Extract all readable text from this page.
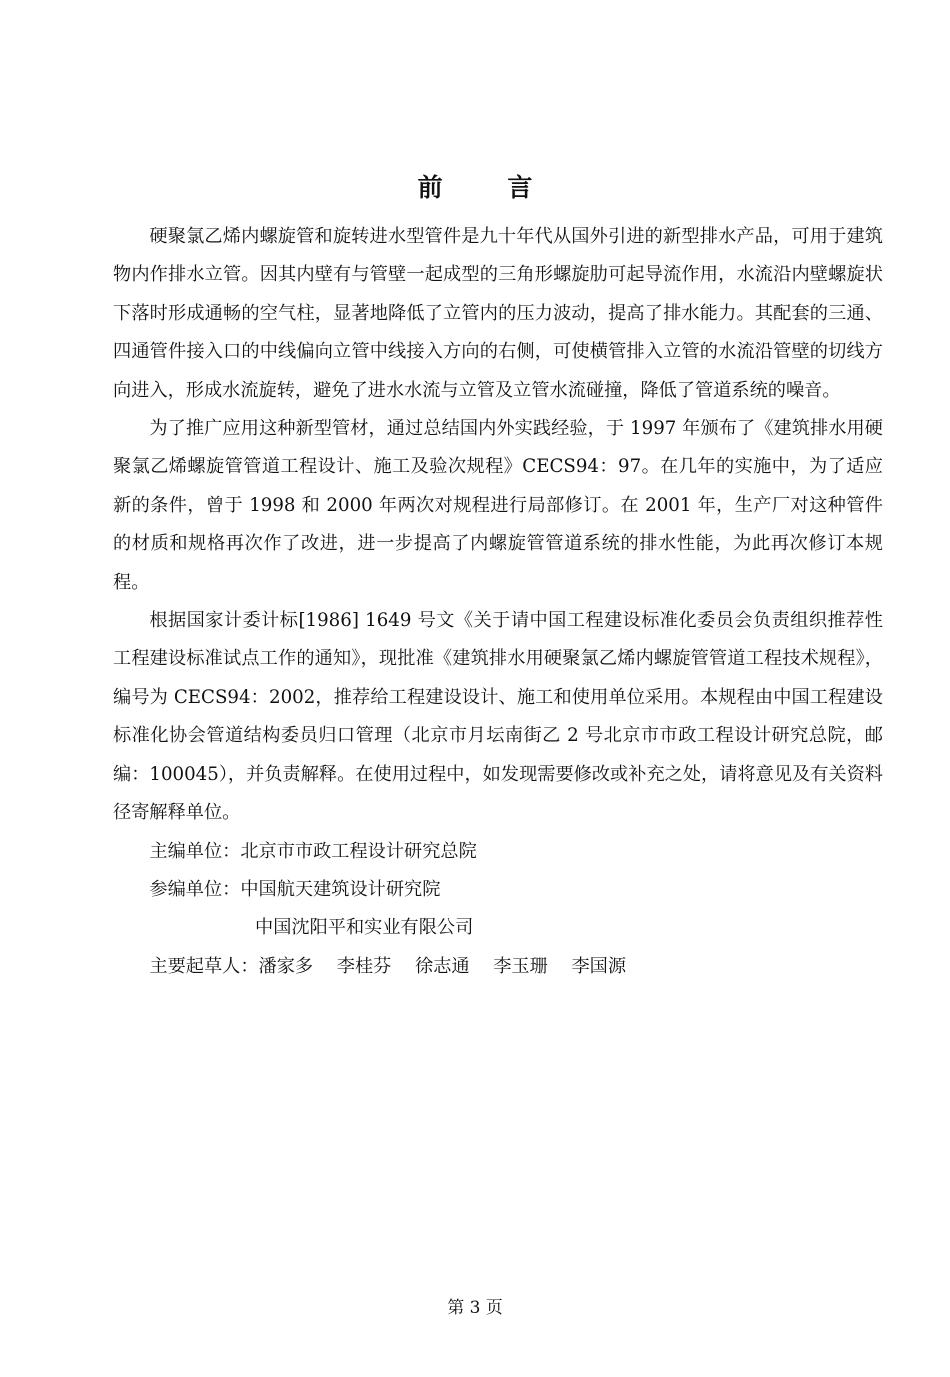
前 言

硬聚氯乙烯内螺旋管和旋转进水型管件是九十年代从国外引进的新型排水产品，可用于建筑物内作排水立管。因其内壁有与管壁一起成型的三角形螺旋肋可起导流作用，水流沿内壁螺旋状下落时形成通畅的空气柱，显著地降低了立管内的压力波动，提高了排水能力。其配套的三通、四通管件接入口的中线偏向立管中线接入方向的右侧，可使横管排入立管的水流沿管壁的切线方向进入，形成水流旋转，避免了进水水流与立管及立管水流碰撞，降低了管道系统的噪音。

为了推广应用这种新型管材，通过总结国内外实践经验，于 1997 年颁布了《建筑排水用硬聚氯乙烯螺旋管管道工程设计、施工及验次规程》CECS94：97。在几年的实施中，为了适应新的条件，曾于 1998 和 2000 年两次对规程进行局部修订。在 2001 年，生产厂对这种管件的材质和规格再次作了改进，进一步提高了内螺旋管管道系统的排水性能，为此再次修订本规程。

根据国家计委计标[1986] 1649 号文《关于请中国工程建设标准化委员会负责组织推荐性工程建设标准试点工作的通知》，现批准《建筑排水用硬聚氯乙烯内螺旋管管道工程技术规程》，编号为 CECS94：2002，推荐给工程建设设计、施工和使用单位采用。本规程由中国工程建设标准化协会管道结构委员归口管理（北京市月坛南街乙 2 号北京市市政工程设计研究总院，邮编：100045），并负责解释。在使用过程中，如发现需要修改或补充之处，请将意见及有关资料径寄解释单位。

主编单位：北京市市政工程设计研究总院

参编单位：中国航天建筑设计研究院

中国沈阳平和实业有限公司

主要起草人：潘家多 李桂芬 徐志通 李玉珊 李国源

第 3 页
